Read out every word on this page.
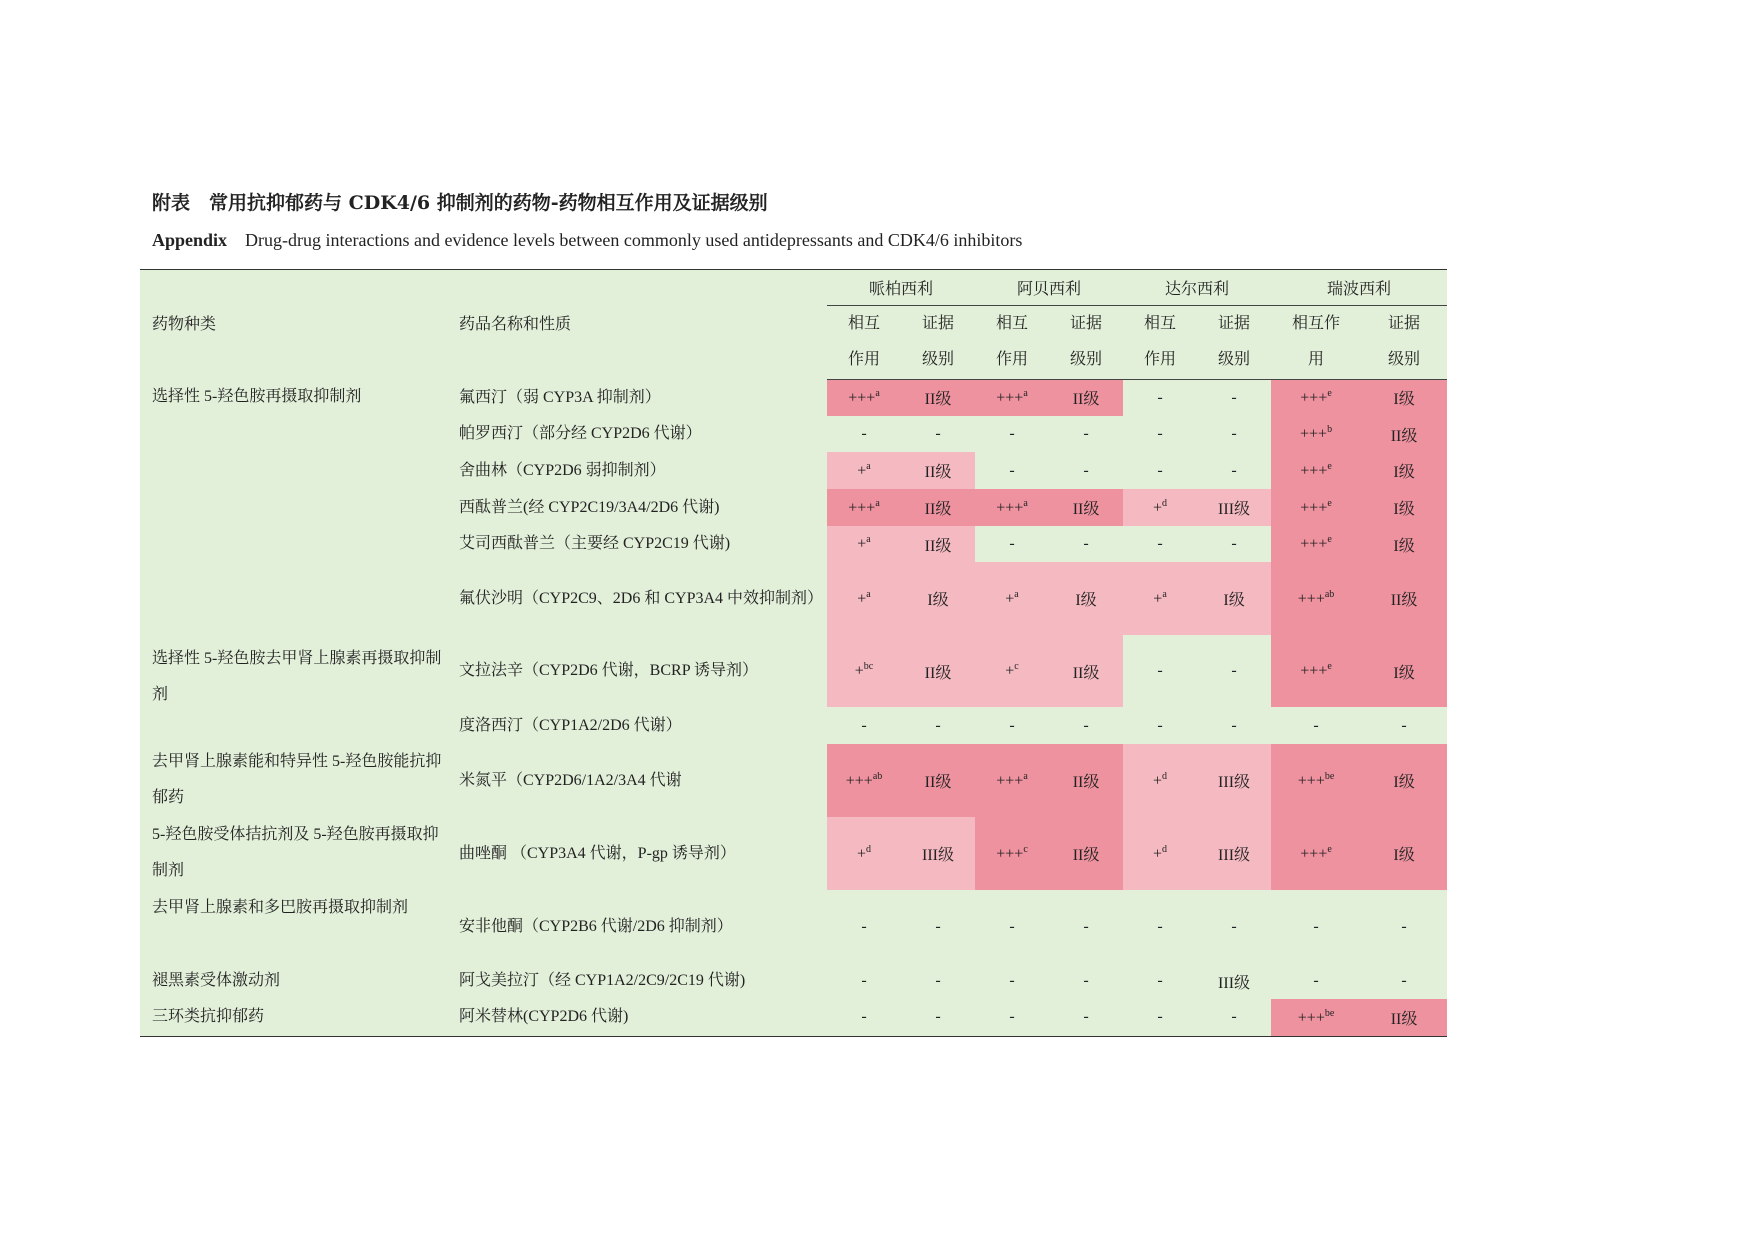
附表　常用抗抑郁药与 CDK4/6 抑制剂的药物-药物相互作用及证据级别
Appendix Drug-drug interactions and evidence levels between commonly used antidepressants and CDK4/6 inhibitors
药物种类	药品名称和性质	哌柏西利		阿贝西利		达尔西利		瑞波西利	
		相互	证据	相互	证据	相互	证据	相互作	证据
		作用	级别	作用	级别	作用	级别	用	级别
选择性 5-羟色胺再摄取抑制剂	氟西汀（弱 CYP3A 抑制剂）	+++$^a$	II级	+++$^a$	II级	-	-	+++$^e$	I级
	帕罗西汀（部分经 CYP2D6 代谢）	-	-	-	-	-	-	+++$^b$	II级
	舍曲林（CYP2D6 弱抑制剂）	+$^a$	II级	-	-	-	-	+++$^e$	I级
	西酞普兰(经 CYP2C19/3A4/2D6 代谢)	+++$^a$	II级	+++$^a$	II级	+$^d$	III级	+++$^e$	I级
	艾司西酞普兰（主要经 CYP2C19 代谢)	+$^a$	II级	-	-	-	-	+++$^e$	I级
	氟伏沙明（CYP2C9、2D6 和 CYP3A4 中效抑制剂）	+$^a$	I级	+$^a$	I级	+$^a$	I级	+++$^{ab}$	II级
选择性 5-羟色胺去甲肾上腺素再摄取抑制剂	文拉法辛（CYP2D6 代谢，BCRP 诱导剂）	+$^{bc}$	II级	+$^c$	II级	-	-	+++$^e$	I级
	度洛西汀（CYP1A2/2D6 代谢）	-	-	-	-	-	-	-	-
去甲肾上腺素能和特异性 5-羟色胺能抗抑郁药	米氮平（CYP2D6/1A2/3A4 代谢	+++$^{ab}$	II级	+++$^a$	II级	+$^d$	III级	+++$^{be}$	I级
5-羟色胺受体拮抗剂及 5-羟色胺再摄取抑制剂	曲唑酮 （CYP3A4 代谢，P-gp 诱导剂）	+$^d$	III级	+++$^c$	II级	+$^d$	III级	+++$^e$	I级
去甲肾上腺素和多巴胺再摄取抑制剂	安非他酮（CYP2B6 代谢/2D6 抑制剂）	-	-	-	-	-	-	-	-
褪黑素受体激动剂	阿戈美拉汀（经 CYP1A2/2C9/2C19 代谢)	-	-	-	-	-	III级	-	-
三环类抗抑郁药	阿米替林(CYP2D6 代谢)	-	-	-	-	-	-	+++$^{be}$	II级
